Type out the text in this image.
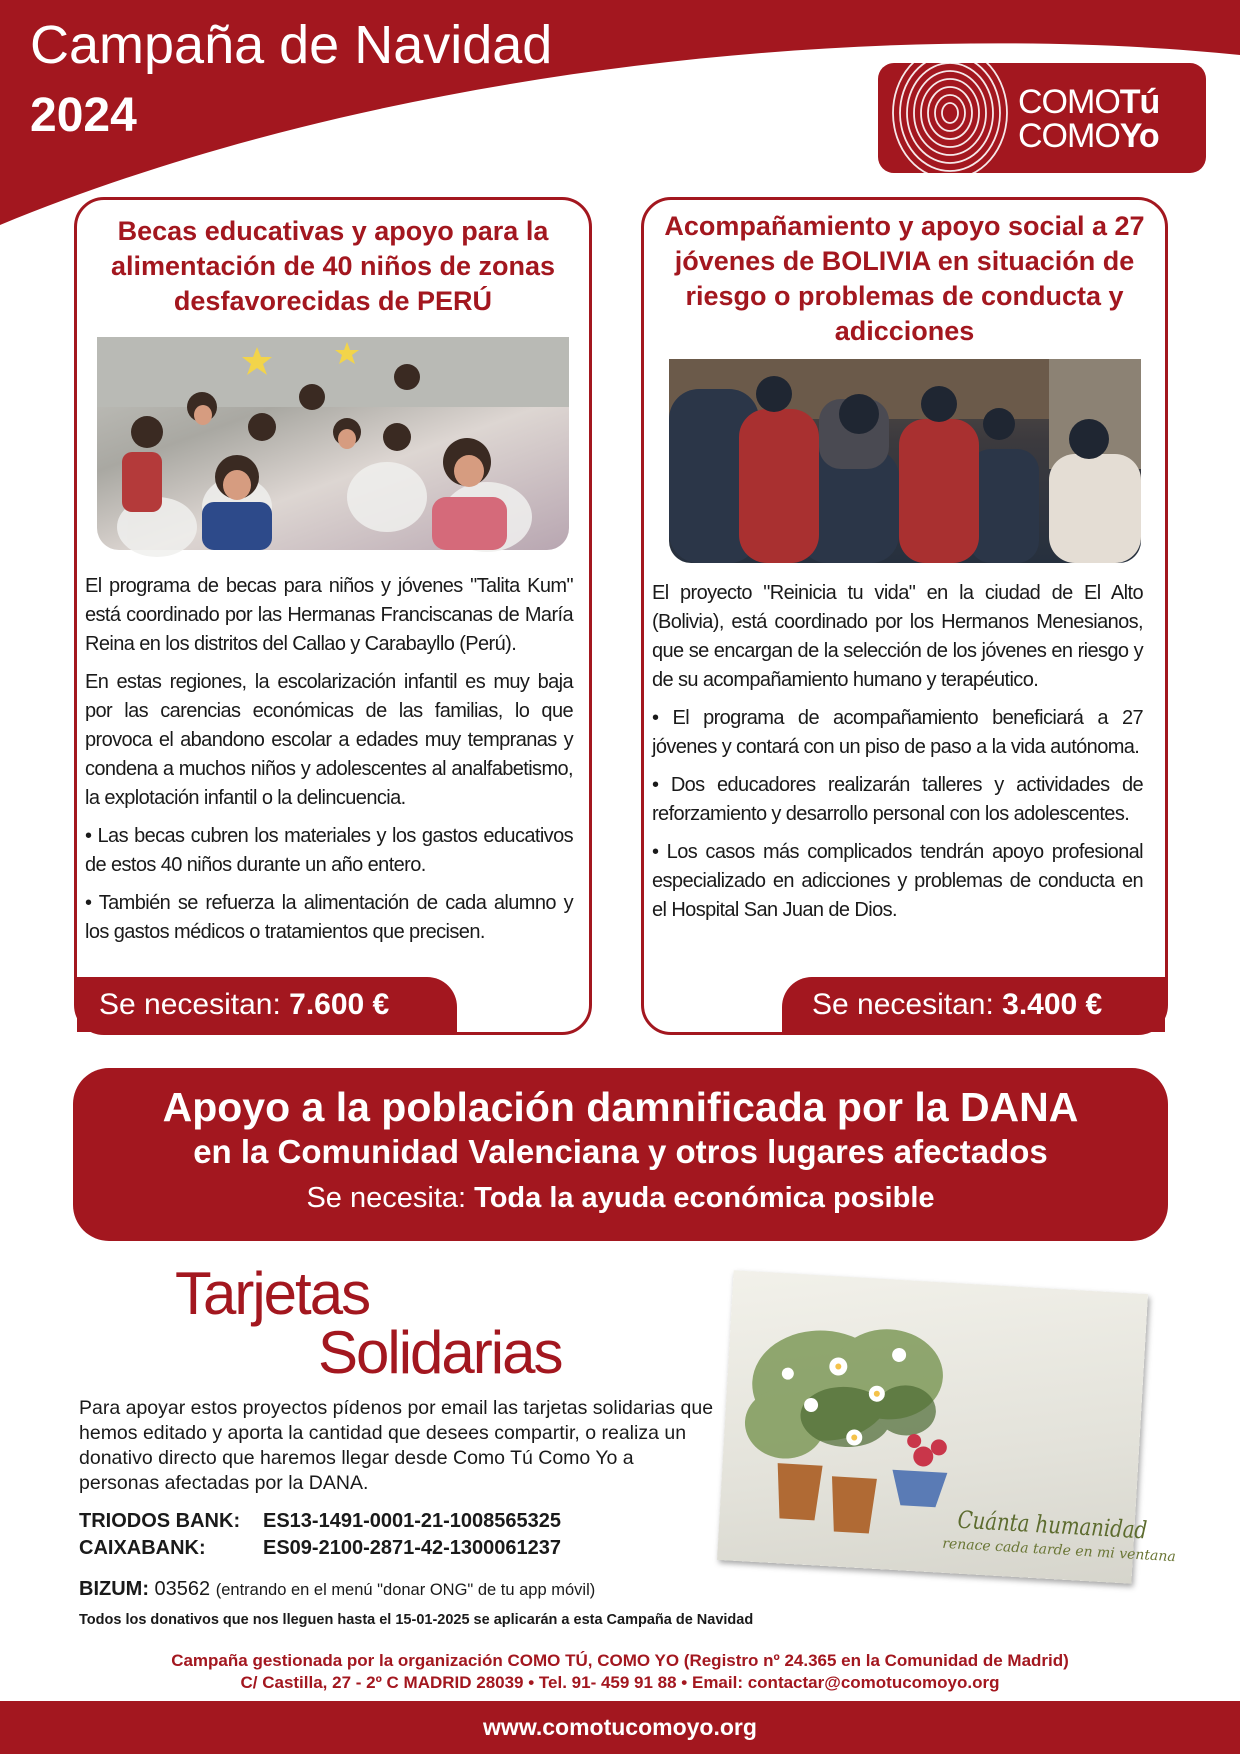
Campaña de Navidad
2024	COMOTú
COMOYo
Becas educativas y apoyo para la alimentación de 40 niños de zonas desfavorecidas de PERÚ

El programa de becas para niños y jóvenes "Talita Kum" está coordinado por las Hermanas Franciscanas de María Reina en los distritos del Callao y Carabayllo (Perú).

En estas regiones, la escolarización infantil es muy baja por las carencias económicas de las familias, lo que provoca el abandono escolar a edades muy tempranas y condena a muchos niños y adolescentes al analfabetismo, la explotación infantil o la delincuencia.

• Las becas cubren los materiales y los gastos educativos de estos 40 niños durante un año entero.

• También se refuerza la alimentación de cada alumno y los gastos médicos o tratamientos que precisen.

Se necesitan: 7.600 €
Acompañamiento y apoyo social a 27 jóvenes de BOLIVIA en situación de riesgo o problemas de conducta y adicciones

El proyecto "Reinicia tu vida" en la ciudad de El Alto (Bolivia), está coordinado por los Hermanos Menesianos, que se encargan de la selección de los jóvenes en riesgo y de su acompañamiento humano y terapéutico.

• El programa de acompañamiento beneficiará a 27 jóvenes y contará con un piso de paso a la vida autónoma.

• Dos educadores realizarán talleres y actividades de reforzamiento y desarrollo personal con los adolescentes.

• Los casos más complicados tendrán apoyo profesional especializado en adicciones y problemas de conducta en el Hospital San Juan de Dios.

Se necesitan: 3.400 €
Apoyo a la población damnificada por la DANA
en la Comunidad Valenciana y otros lugares afectados
Se necesita: Toda la ayuda económica posible
Tarjetas
Solidarias
Para apoyar estos proyectos pídenos por email las tarjetas solidarias que hemos editado y aporta la cantidad que desees compartir, o realiza un donativo directo que haremos llegar desde Como Tú Como Yo a personas afectadas por la DANA.
TRIODOS BANK: ES13-1491-0001-21-1008565325
CAIXABANK:	ES09-2100-2871-42-1300061237
BIZUM: 03562 (entrando en el menú "donar ONG" de tu app móvil)
Todos los donativos que nos lleguen hasta el 15-01-2025 se aplicarán a esta Campaña de Navidad
Cuánta humanidad
renace cada tarde en mi ventana
Campaña gestionada por la organización COMO TÚ, COMO YO (Registro nº 24.365 en la Comunidad de Madrid)
C/ Castilla, 27 - 2º C MADRID 28039 • Tel. 91- 459 91 88 • Email: contactar@comotucomoyo.org
www.comotucomoyo.org
